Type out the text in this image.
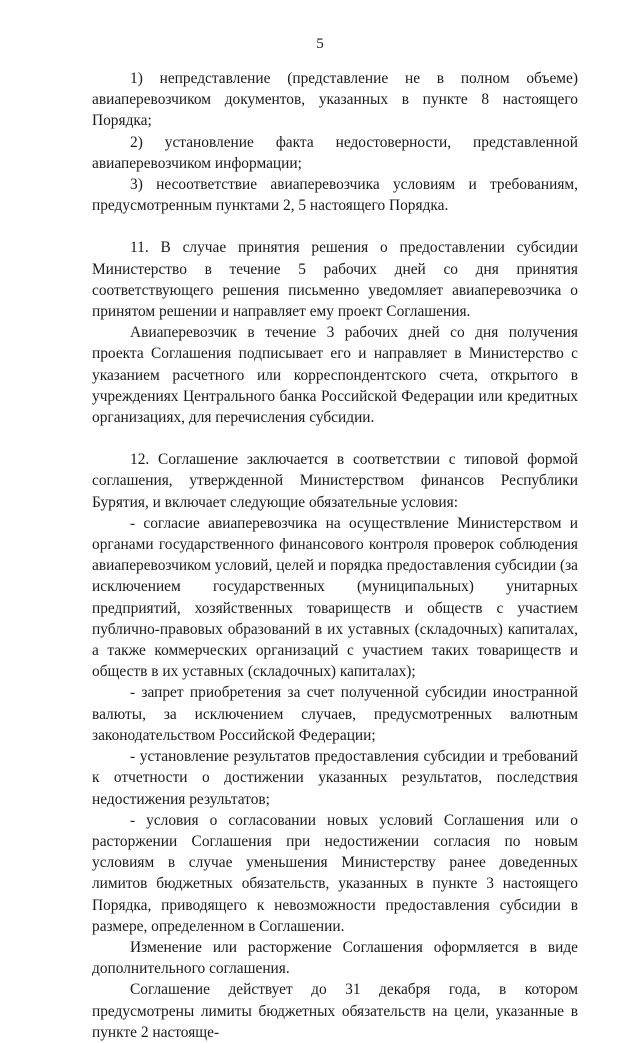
5

1) непредставление (представление не в полном объеме) авиаперевозчиком документов, указанных в пункте 8 настоящего Порядка;

2) установление факта недостоверности, представленной авиаперевозчиком информации;

3) несоответствие авиаперевозчика условиям и требованиям, предусмотренным пунктами 2, 5 настоящего Порядка.

11. В случае принятия решения о предоставлении субсидии Министерство в течение 5 рабочих дней со дня принятия соответствующего решения письменно уведомляет авиаперевозчика о принятом решении и направляет ему проект Соглашения.

Авиаперевозчик в течение 3 рабочих дней со дня получения проекта Соглашения подписывает его и направляет в Министерство с указанием расчетного или корреспондентского счета, открытого в учреждениях Центрального банка Российской Федерации или кредитных организациях, для перечисления субсидии.

12. Соглашение заключается в соответствии с типовой формой соглашения, утвержденной Министерством финансов Республики Бурятия, и включает следующие обязательные условия:

- согласие авиаперевозчика на осуществление Министерством и органами государственного финансового контроля проверок соблюдения авиаперевозчиком условий, целей и порядка предоставления субсидии (за исключением государственных (муниципальных) унитарных предприятий, хозяйственных товариществ и обществ с участием публично-правовых образований в их уставных (складочных) капиталах, а также коммерческих организаций с участием таких товариществ и обществ в их уставных (складочных) капиталах);

- запрет приобретения за счет полученной субсидии иностранной валюты, за исключением случаев, предусмотренных валютным законодательством Российской Федерации;

- установление результатов предоставления субсидии и требований к отчетности о достижении указанных результатов, последствия недостижения результатов;

- условия о согласовании новых условий Соглашения или о расторжении Соглашения при недостижении согласия по новым условиям в случае уменьшения Министерству ранее доведенных лимитов бюджетных обязательств, указанных в пункте 3 настоящего Порядка, приводящего к невозможности предоставления субсидии в размере, определенном в Соглашении.

Изменение или расторжение Соглашения оформляется в виде дополнительного соглашения.

Соглашение действует до 31 декабря года, в котором предусмотрены лимиты бюджетных обязательств на цели, указанные в пункте 2 настояще-
